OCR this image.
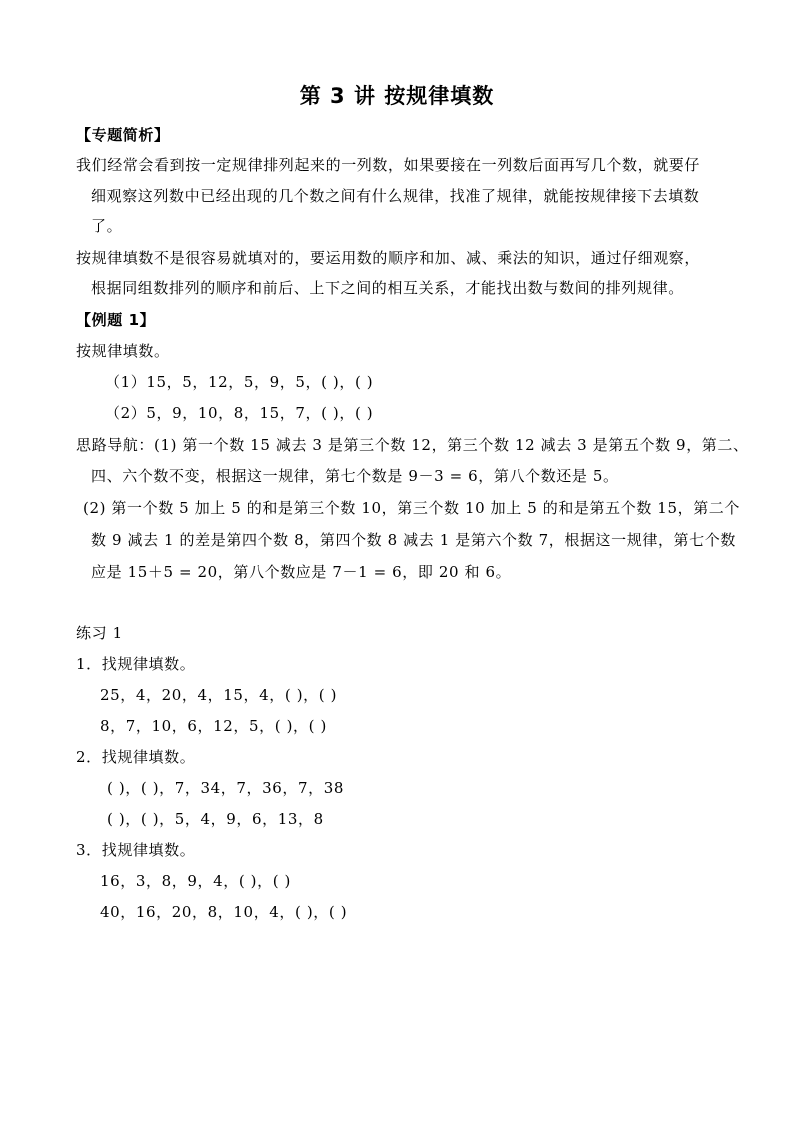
第 3 讲 按规律填数
【专题简析】
我们经常会看到按一定规律排列起来的一列数，如果要接在一列数后面再写几个数，就要仔
细观察这列数中已经出现的几个数之间有什么规律，找准了规律，就能按规律接下去填数
了。
按规律填数不是很容易就填对的，要运用数的顺序和加、减、乘法的知识，通过仔细观察，
根据同组数排列的顺序和前后、上下之间的相互关系，才能找出数与数间的排列规律。
【例题 1】
按规律填数。
（1）15，5，12，5，9，5，( )，( )
（2）5，9，10，8，15，7，( )，( )
思路导航：(1) 第一个数 15 减去 3 是第三个数 12，第三个数 12 减去 3 是第五个数 9，第二、
四、六个数不变，根据这一规律，第七个数是 9－3 = 6，第八个数还是 5。
(2) 第一个数 5 加上 5 的和是第三个数 10，第三个数 10 加上 5 的和是第五个数 15，第二个
数 9 减去 1 的差是第四个数 8，第四个数 8 减去 1 是第六个数 7，根据这一规律，第七个数
应是 15＋5 = 20，第八个数应是 7－1 = 6，即 20 和 6。
练习 1
1．找规律填数。
25，4，20，4，15，4，( )，( )
8，7，10，6，12，5，( )，( )
2．找规律填数。
( )，( )，7，34，7，36，7，38
( )，( )，5，4，9，6，13，8
3．找规律填数。
16，3，8，9，4，( )，( )
40，16，20，8，10，4，( )，( )
